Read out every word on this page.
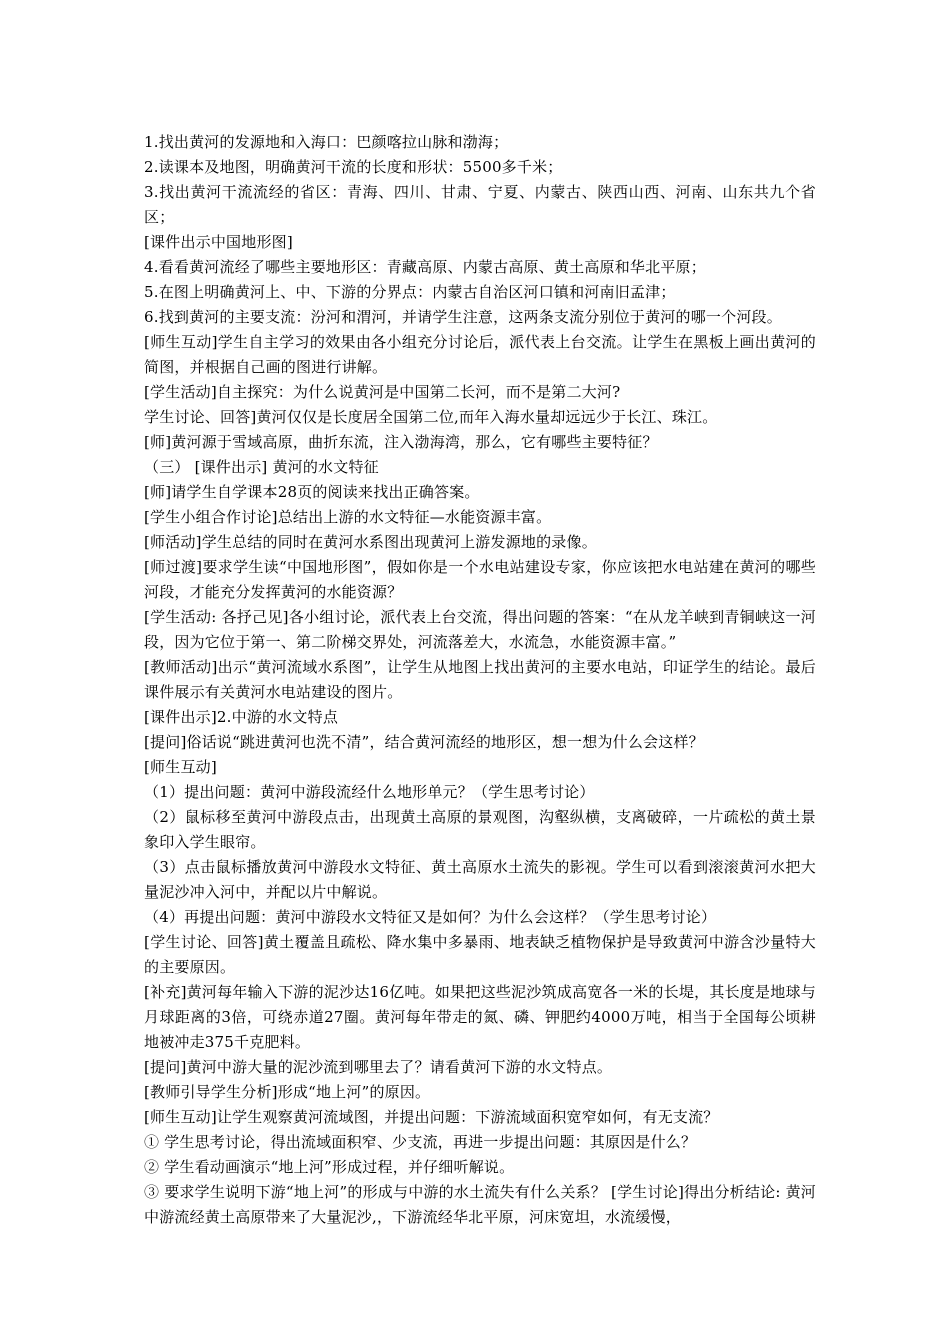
1.找出黄河的发源地和入海口：巴颜喀拉山脉和渤海；

2.读课本及地图，明确黄河干流的长度和形状：5500多千米；

3.找出黄河干流流经的省区：青海、四川、甘肃、宁夏、内蒙古、陕西山西、河南、山东共九个省区；

[课件出示中国地形图]

4.看看黄河流经了哪些主要地形区：青藏高原、内蒙古高原、黄土高原和华北平原；

5.在图上明确黄河上、中、下游的分界点：内蒙古自治区河口镇和河南旧孟津；

6.找到黄河的主要支流：汾河和渭河，并请学生注意，这两条支流分别位于黄河的哪一个河段。

[师生互动]学生自主学习的效果由各小组充分讨论后，派代表上台交流。让学生在黑板上画出黄河的简图，并根据自己画的图进行讲解。

[学生活动]自主探究：为什么说黄河是中国第二长河，而不是第二大河?

学生讨论、回答]黄河仅仅是长度居全国第二位,而年入海水量却远远少于长江、珠江。

[师]黄河源于雪域高原，曲折东流，注入渤海湾，那么，它有哪些主要特征？

（三） [课件出示] 黄河的水文特征

[师]请学生自学课本28页的阅读来找出正确答案。

[学生小组合作讨论]总结出上游的水文特征—水能资源丰富。

[师活动]学生总结的同时在黄河水系图出现黄河上游发源地的录像。

[师过渡]要求学生读“中国地形图”，假如你是一个水电站建设专家，你应该把水电站建在黄河的哪些河段，才能充分发挥黄河的水能资源？

[学生活动: 各抒己见]各小组讨论，派代表上台交流，得出问题的答案：“在从龙羊峡到青铜峡这一河段，因为它位于第一、第二阶梯交界处，河流落差大，水流急，水能资源丰富。”

[教师活动]出示“黄河流域水系图”，让学生从地图上找出黄河的主要水电站，印证学生的结论。最后课件展示有关黄河水电站建设的图片。

[课件出示]2.中游的水文特点

[提问]俗话说“跳进黄河也洗不清”，结合黄河流经的地形区，想一想为什么会这样？

[师生互动]

（1）提出问题：黄河中游段流经什么地形单元？（学生思考讨论）

（2）鼠标移至黄河中游段点击，出现黄土高原的景观图，沟壑纵横，支离破碎，一片疏松的黄土景象印入学生眼帘。

（3）点击鼠标播放黄河中游段水文特征、黄土高原水土流失的影视。学生可以看到滚滚黄河水把大量泥沙冲入河中，并配以片中解说。

（4）再提出问题：黄河中游段水文特征又是如何？为什么会这样？（学生思考讨论）

[学生讨论、回答]黄土覆盖且疏松、降水集中多暴雨、地表缺乏植物保护是导致黄河中游含沙量特大的主要原因。

[补充]黄河每年输入下游的泥沙达16亿吨。如果把这些泥沙筑成高宽各一米的长堤，其长度是地球与月球距离的3倍，可绕赤道27圈。黄河每年带走的氮、磷、钾肥约4000万吨，相当于全国每公顷耕地被冲走375千克肥料。

[提问]黄河中游大量的泥沙流到哪里去了？请看黄河下游的水文特点。

[教师引导学生分析]形成“地上河”的原因。

[师生互动]让学生观察黄河流域图，并提出问题：下游流域面积宽窄如何，有无支流？

① 学生思考讨论，得出流域面积窄、少支流，再进一步提出问题：其原因是什么？

② 学生看动画演示“地上河”形成过程，并仔细听解说。

③ 要求学生说明下游“地上河”的形成与中游的水土流失有什么关系？ [学生讨论]得出分析结论: 黄河中游流经黄土高原带来了大量泥沙,，下游流经华北平原，河床宽坦，水流缓慢，
